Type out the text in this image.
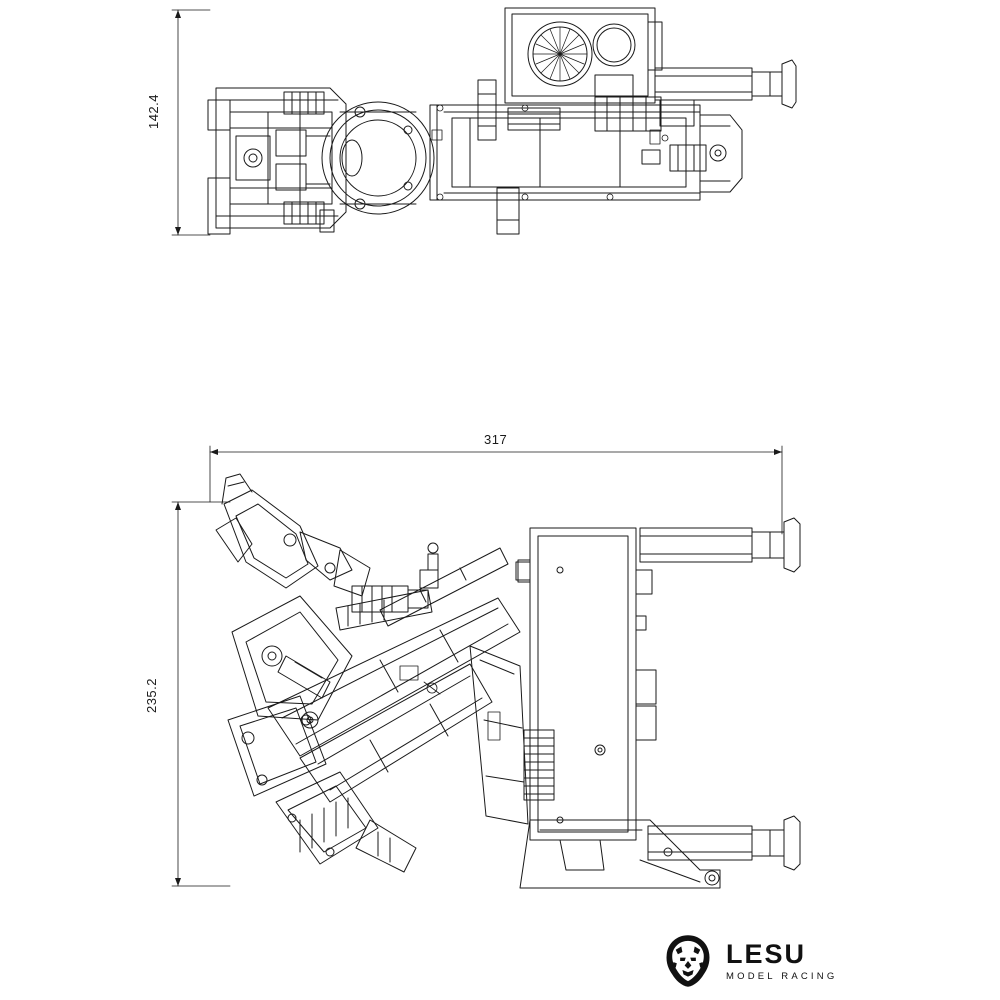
142.4
317
235.2
LESU
MODEL RACING
